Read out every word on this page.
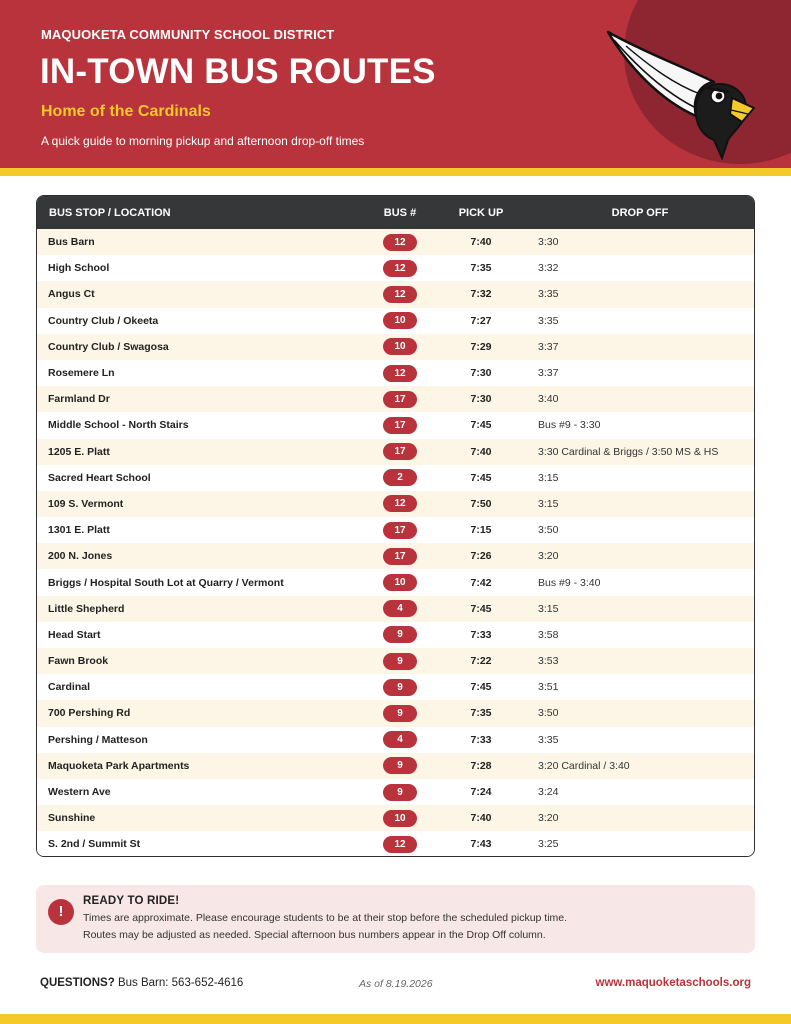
MAQUOKETA COMMUNITY SCHOOL DISTRICT
IN-TOWN BUS ROUTES
Home of the Cardinals
A quick guide to morning pickup and afternoon drop-off times
BUS STOP / LOCATION	BUS #	PICK UP	DROP OFF
Bus Barn	12	7:40	3:30
High School	12	7:35	3:32
Angus Ct	12	7:32	3:35
Country Club / Okeeta	10	7:27	3:35
Country Club / Swagosa	10	7:29	3:37
Rosemere Ln	12	7:30	3:37
Farmland Dr	17	7:30	3:40
Middle School - North Stairs	17	7:45	Bus #9 - 3:30
1205 E. Platt	17	7:40	3:30 Cardinal & Briggs / 3:50 MS & HS
Sacred Heart School	2	7:45	3:15
109 S. Vermont	12	7:50	3:15
1301 E. Platt	17	7:15	3:50
200 N. Jones	17	7:26	3:20
Briggs / Hospital South Lot at Quarry / Vermont	10	7:42	Bus #9 - 3:40
Little Shepherd	4	7:45	3:15
Head Start	9	7:33	3:58
Fawn Brook	9	7:22	3:53
Cardinal	9	7:45	3:51
700 Pershing Rd	9	7:35	3:50
Pershing / Matteson	4	7:33	3:35
Maquoketa Park Apartments	9	7:28	3:20 Cardinal / 3:40
Western Ave	9	7:24	3:24
Sunshine	10	7:40	3:20
S. 2nd / Summit St	12	7:43	3:25
!
READY TO RIDE!
Times are approximate. Please encourage students to be at their stop before the scheduled pickup time.
Routes may be adjusted as needed. Special afternoon bus numbers appear in the Drop Off column.
QUESTIONS? Bus Barn: 563-652-4616	As of 8.19.2026	www.maquoketaschools.org
